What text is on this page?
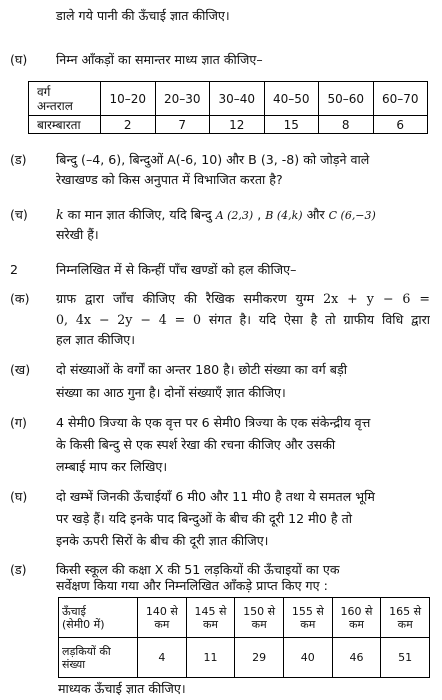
डाले गये पानी की ऊँचाई ज्ञात कीजिए।
(घ) निम्न आँकड़ों का समान्तर माध्य ज्ञात कीजिए–
वर्ग
अन्तराल	10–20	20–30	30–40	40–50	50–60	60–70
बारम्बारता	2	7	12	15	8	6
(ड) बिन्दु (–4, 6), बिन्दुओं A(-6, 10) और B (3, -8) को जोड़ने वाले
रेखाखण्ड को किस अनुपात में विभाजित करता है?
(च) k का मान ज्ञात कीजिए, यदि बिन्दु A (2,3) , B (4,k) और C (6,−3)
सरेखी हैं।
2	निम्नलिखित में से किन्हीं पाँच खण्डों को हल कीजिए–
(क) ग्राफ द्वारा जाँच कीजिए की रैखिक समीकरण युग्म 2x + y − 6 =
0, 4x − 2y − 4 = 0 संगत है। यदि ऐसा है तो ग्राफीय विधि द्वारा
हल ज्ञात कीजिए।
(ख) दो संख्याओं के वर्गों का अन्तर 180 है। छोटी संख्या का वर्ग बड़ी
संख्या का आठ गुना है। दोनों संख्याएँ ज्ञात कीजिए।
(ग) 4 सेमी0 त्रिज्या के एक वृत्त पर 6 सेमी0 त्रिज्या के एक संकेन्द्रीय वृत्त
के किसी बिन्दु से एक स्पर्श रेखा की रचना कीजिए और उसकी
लम्बाई माप कर लिखिए।
(घ) दो खम्भें जिनकी ऊँचाईयाँ 6 मी0 और 11 मी0 है तथा ये समतल भूमि
पर खड़े हैं। यदि इनके पाद बिन्दुओं के बीच की दूरी 12 मी0 है तो
इनके ऊपरी सिरों के बीच की दूरी ज्ञात कीजिए।
(ड) किसी स्कूल की कक्षा X की 51 लड़कियों की ऊँचाइयों का एक
सर्वेक्षण किया गया और निम्नलिखित आँकड़े प्राप्त किए गए :
ऊँचाई
(सेमी0 में)	140 से
कम	145 से
कम	150 से
कम	155 से
कम	160 से
कम	165 से
कम
लड़कियों की
संख्या	4	11	29	40	46	51
माध्यक ऊँचाई ज्ञात कीजिए।
